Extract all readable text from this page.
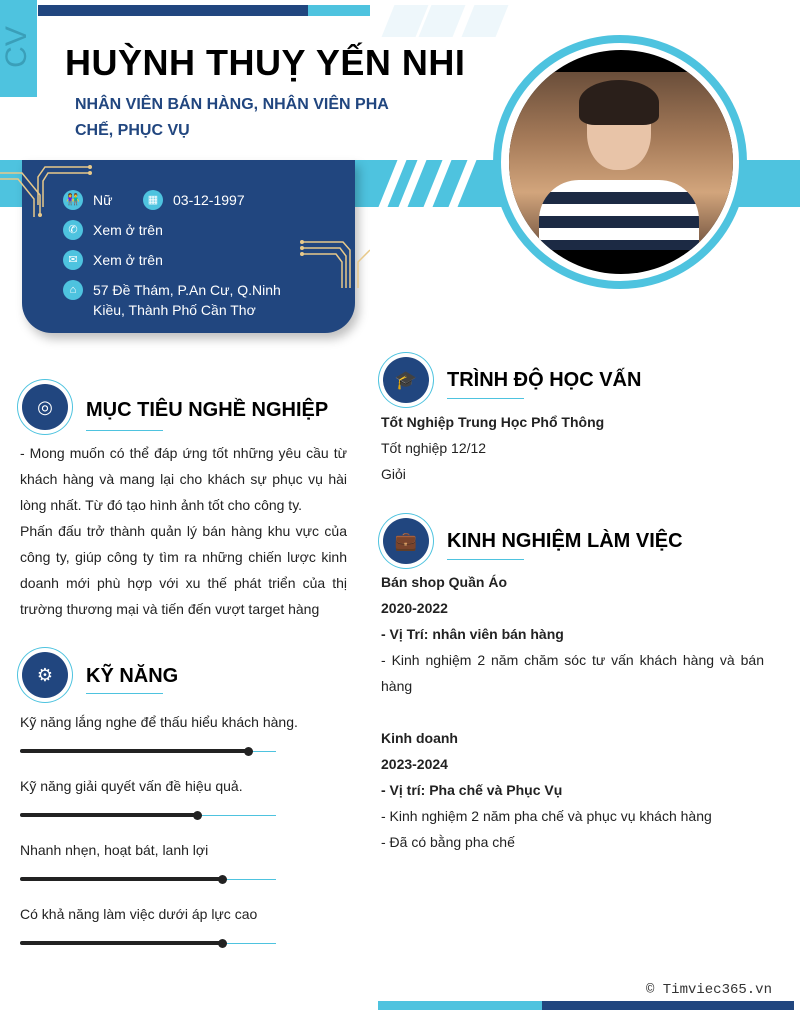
CV HUỲNH THUỴ YẾN NHI
NHÂN VIÊN BÁN HÀNG, NHÂN VIÊN PHA CHẾ, PHỤC VỤ
👫 Nữ	▦	03-12-1997
✆	Xem ở trên
✉	Xem ở trên
⌂	57 Đề Thám, P.An Cư, Q.Ninh Kiều, Thành Phố Cần Thơ
◎	MỤC TIÊU NGHỀ NGHIỆP

- Mong muốn có thể đáp ứng tốt những yêu cầu từ khách hàng và mang lại cho khách sự phục vụ hài lòng nhất. Từ đó tạo hình ảnh tốt cho công ty.

Phấn đấu trở thành quản lý bán hàng khu vực của công ty, giúp công ty tìm ra những chiến lược kinh doanh mới phù hợp với xu thế phát triển của thị trường thương mại và tiến đến vượt target hàng

⚙	KỸ NĂNG
Kỹ năng lắng nghe để thấu hiểu khách hàng.
Kỹ năng giải quyết vấn đề hiệu quả.
Nhanh nhẹn, hoạt bát, lanh lợi
Có khả năng làm việc dưới áp lực cao
🎓	TRÌNH ĐỘ HỌC VẤN
Tốt Nghiệp Trung Học Phổ Thông
Tốt nghiệp 12/12
Giỏi
💼	KINH NGHIỆM LÀM VIỆC
Bán shop Quần Áo
2020-2022
- Vị Trí: nhân viên bán hàng
- Kinh nghiệm 2 năm chăm sóc tư vấn khách hàng và bán hàng
Kinh doanh
2023-2024
- Vị trí: Pha chế và Phục Vụ
- Kinh nghiệm 2 năm pha chế và phục vụ khách hàng
- Đã có bằng pha chế
© Timviec365.vn
